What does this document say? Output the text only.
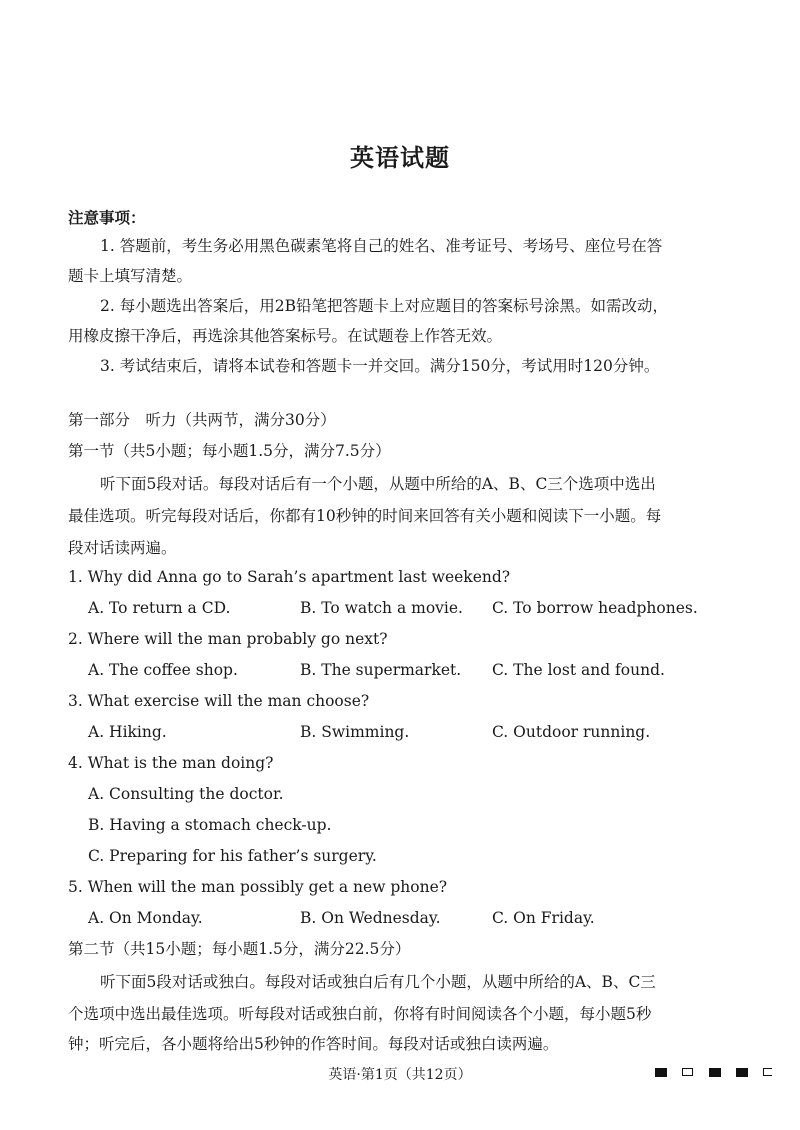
英语试题
注意事项：
1. 答题前，考生务必用黑色碳素笔将自己的姓名、准考证号、考场号、座位号在答
题卡上填写清楚。
2. 每小题选出答案后，用2B铅笔把答题卡上对应题目的答案标号涂黑。如需改动，
用橡皮擦干净后，再选涂其他答案标号。在试题卷上作答无效。
3. 考试结束后，请将本试卷和答题卡一并交回。满分150分，考试用时120分钟。
第一部分　听力（共两节，满分30分）
第一节（共5小题；每小题1.5分，满分7.5分）
听下面5段对话。每段对话后有一个小题，从题中所给的A、B、C三个选项中选出
最佳选项。听完每段对话后，你都有10秒钟的时间来回答有关小题和阅读下一小题。每
段对话读两遍。
1. Why did Anna go to Sarah’s apartment last weekend?
A. To return a CD.	B. To watch a movie. C. To borrow headphones.
2. Where will the man probably go next?
A. The coffee shop.	B. The supermarket. C. The lost and found.
3. What exercise will the man choose?
A. Hiking.	B. Swimming.	C. Outdoor running.
4. What is the man doing?
A. Consulting the doctor.
B. Having a stomach check-up.
C. Preparing for his father’s surgery.
5. When will the man possibly get a new phone?
A. On Monday.	B. On Wednesday.	C. On Friday.
第二节（共15小题；每小题1.5分，满分22.5分）
听下面5段对话或独白。每段对话或独白后有几个小题，从题中所给的A、B、C三
个选项中选出最佳选项。听每段对话或独白前，你将有时间阅读各个小题，每小题5秒
钟；听完后，各小题将给出5秒钟的作答时间。每段对话或独白读两遍。
英语·第1页（共12页）
